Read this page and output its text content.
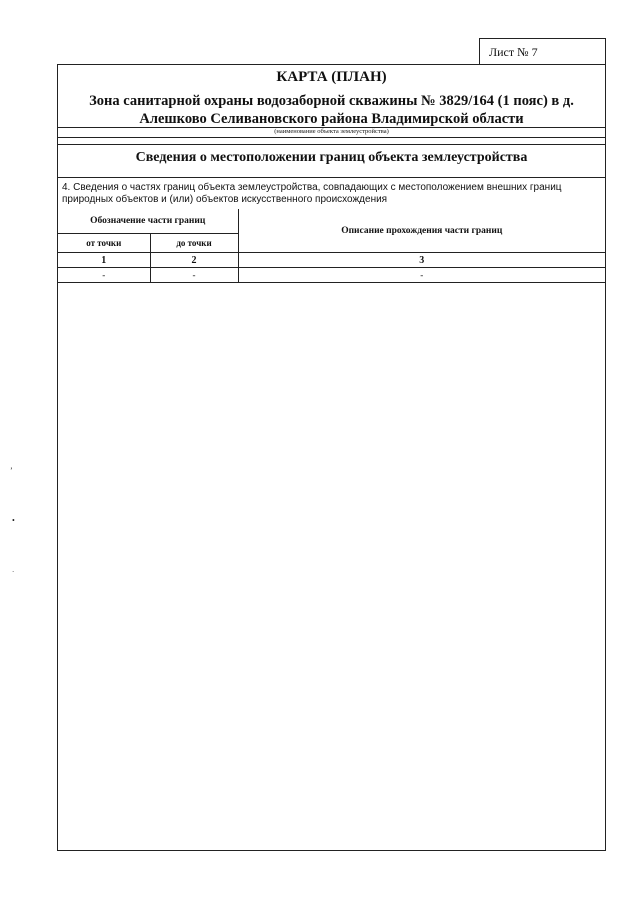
Лист № 7
КАРТА (ПЛАН)
Зона санитарной охраны водозаборной скважины № 3829/164 (1 пояс) в д. Алешково Селивановского района Владимирской области
(наименование объекта землеустройства)
Сведения о местоположении границ объекта землеустройства
4. Сведения о частях границ объекта землеустройства, совпадающих с местоположением внешних границ природных объектов и (или) объектов искусственного происхождения
Обозначение части границ		Описание прохождения части границ
от точки	до точки	
1	2	3
-	-	-
ʼ
•
ˑ
